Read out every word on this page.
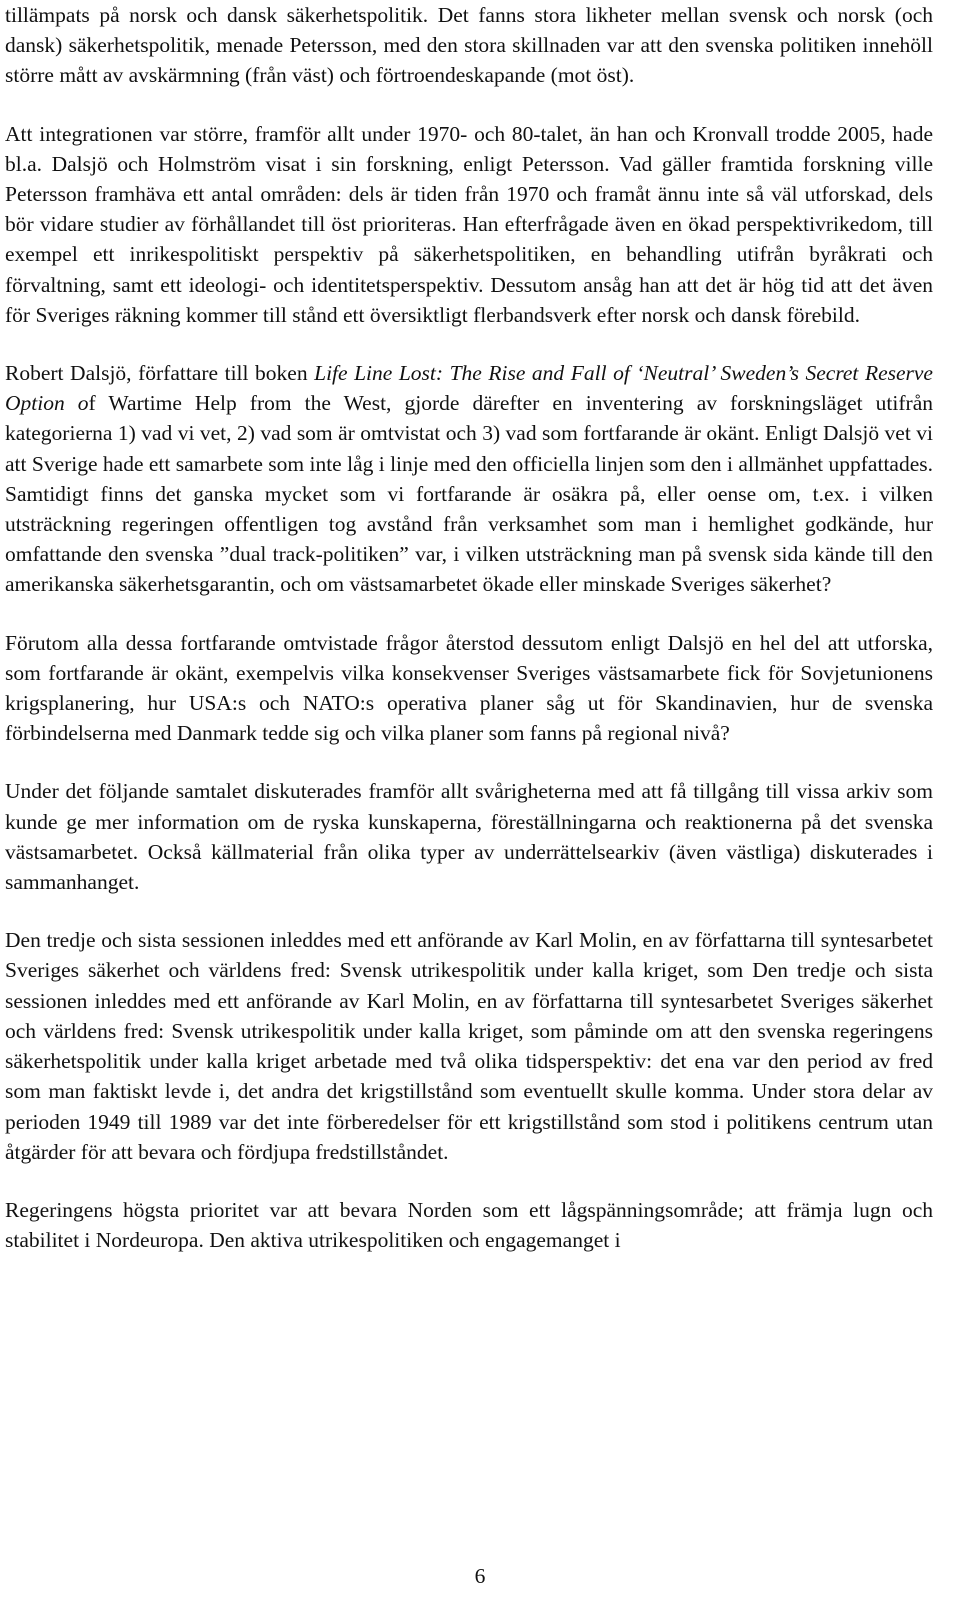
tillämpats på norsk och dansk säkerhetspolitik. Det fanns stora likheter mellan svensk och norsk (och dansk) säkerhetspolitik, menade Petersson, med den stora skillnaden var att den svenska politiken innehöll större mått av avskärmning (från väst) och förtroendeskapande (mot öst).

Att integrationen var större, framför allt under 1970- och 80-talet, än han och Kronvall trodde 2005, hade bl.a. Dalsjö och Holmström visat i sin forskning, enligt Petersson. Vad gäller framtida forskning ville Petersson framhäva ett antal områden: dels är tiden från 1970 och framåt ännu inte så väl utforskad, dels bör vidare studier av förhållandet till öst prioriteras. Han efterfrågade även en ökad perspektivrikedom, till exempel ett inrikespolitiskt perspektiv på säkerhetspolitiken, en behandling utifrån byråkrati och förvaltning, samt ett ideologi- och identitetsperspektiv. Dessutom ansåg han att det är hög tid att det även för Sveriges räkning kommer till stånd ett översiktligt flerbandsverk efter norsk och dansk förebild.

Robert Dalsjö, författare till boken Life Line Lost: The Rise and Fall of ‘Neutral’ Sweden’s Secret Reserve Option of Wartime Help from the West, gjorde därefter en inventering av forskningsläget utifrån kategorierna 1) vad vi vet, 2) vad som är omtvistat och 3) vad som fortfarande är okänt. Enligt Dalsjö vet vi att Sverige hade ett samarbete som inte låg i linje med den officiella linjen som den i allmänhet uppfattades. Samtidigt finns det ganska mycket som vi fortfarande är osäkra på, eller oense om, t.ex. i vilken utsträckning regeringen offentligen tog avstånd från verksamhet som man i hemlighet godkände, hur omfattande den svenska ”dual track-politiken” var, i vilken utsträckning man på svensk sida kände till den amerikanska säkerhetsgarantin, och om västsamarbetet ökade eller minskade Sveriges säkerhet?

Förutom alla dessa fortfarande omtvistade frågor återstod dessutom enligt Dalsjö en hel del att utforska, som fortfarande är okänt, exempelvis vilka konsekvenser Sveriges västsamarbete fick för Sovjetunionens krigsplanering, hur USA:s och NATO:s operativa planer såg ut för Skandinavien, hur de svenska förbindelserna med Danmark tedde sig och vilka planer som fanns på regional nivå?

Under det följande samtalet diskuterades framför allt svårigheterna med att få tillgång till vissa arkiv som kunde ge mer information om de ryska kunskaperna, föreställningarna och reaktionerna på det svenska västsamarbetet. Också källmaterial från olika typer av underrättelsearkiv (även västliga) diskuterades i sammanhanget.

Den tredje och sista sessionen inleddes med ett anförande av Karl Molin, en av författarna till syntesarbetet Sveriges säkerhet och världens fred: Svensk utrikespolitik under kalla kriget, som Den tredje och sista sessionen inleddes med ett anförande av Karl Molin, en av författarna till syntesarbetet Sveriges säkerhet och världens fred: Svensk utrikespolitik under kalla kriget, som påminde om att den svenska regeringens säkerhetspolitik under kalla kriget arbetade med två olika tidsperspektiv: det ena var den period av fred som man faktiskt levde i, det andra det krigstillstånd som eventuellt skulle komma. Under stora delar av perioden 1949 till 1989 var det inte förberedelser för ett krigstillstånd som stod i politikens centrum utan åtgärder för att bevara och fördjupa fredstillståndet.

Regeringens högsta prioritet var att bevara Norden som ett lågspänningsområde; att främja lugn och stabilitet i Nordeuropa. Den aktiva utrikespolitiken och engagemanget i

6
